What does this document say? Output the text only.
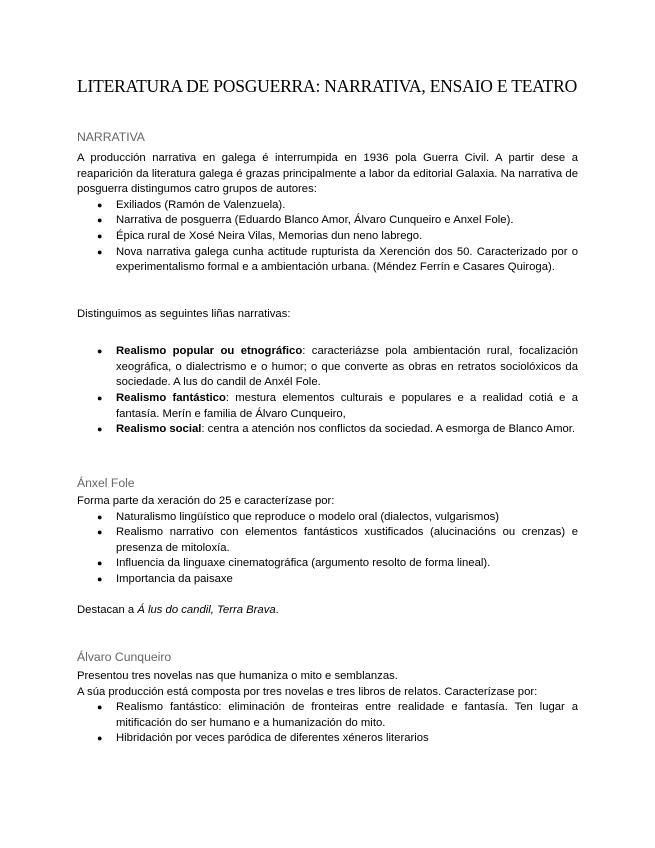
LITERATURA DE POSGUERRA: NARRATIVA, ENSAIO E TEATRO
NARRATIVA

A producción narrativa en galega é interrumpida en 1936 pola Guerra Civil. A partir dese a reaparición da literatura galega é grazas principalmente a labor da editorial Galaxia. Na narrativa de posguerra distingumos catro grupos de autores:

● Exiliados (Ramón de Valenzuela).
● Narrativa de posguerra (Eduardo Blanco Amor, Álvaro Cunqueiro e Anxel Fole).
● Épica rural de Xosé Neira Vilas, Memorias dun neno labrego.
● Nova narrativa galega cunha actitude rupturista da Xerención dos 50. Caracterizado por o experimentalismo formal e a ambientación urbana. (Méndez Ferrín e Casares Quiroga).

Distinguimos as seguintes liñas narrativas:

● Realismo popular ou etnográfico: caracteriázse pola ambientación rural, focalización xeográfica, o dialectrismo e o humor; o que converte as obras en retratos sociolóxicos da sociedade. A lus do candil de Anxél Fole.
● Realismo fantástico: mestura elementos culturais e populares e a realidad cotiá e a fantasía. Merín e familia de Álvaro Cunqueiro,
● Realismo social: centra a atención nos conflictos da sociedad. A esmorga de Blanco Amor.
Ánxel Fole

Forma parte da xeración do 25 e caracterízase por:

● Naturalismo lingüístico que reproduce o modelo oral (dialectos, vulgarismos)
● Realismo narrativo con elementos fantásticos xustificados (alucinacións ou crenzas) e presenza de mitoloxía.
● Influencia da linguaxe cinematográfica (argumento resolto de forma lineal).
● Importancia da paisaxe

Destacan a Á lus do candil, Terra Brava.

Álvaro Cunqueiro

Presentou tres novelas nas que humaniza o mito e semblanzas.

A súa producción está composta por tres novelas e tres libros de relatos. Caracterízase por:

● Realismo fantástico: eliminación de fronteiras entre realidade e fantasía. Ten lugar a mitificación do ser humano e a humanización do mito.
● Hibridación por veces paródica de diferentes xéneros literarios
